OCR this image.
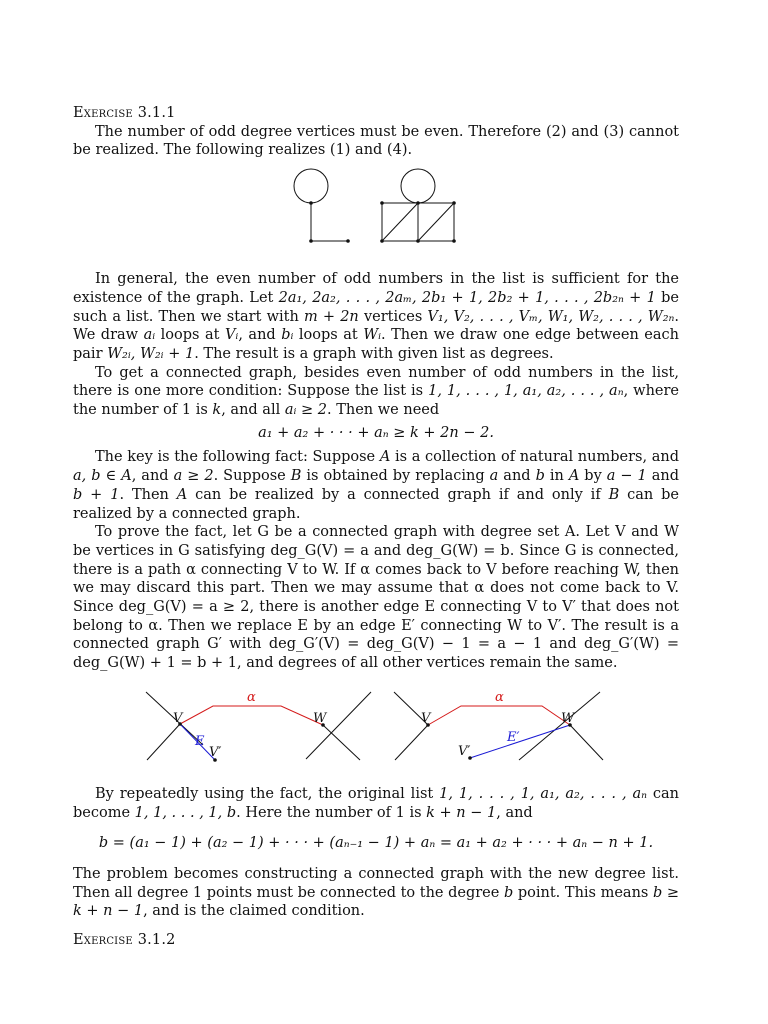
Exercise 3.1.1

The number of odd degree vertices must be even. Therefore (2) and (3) cannot be realized. The following realizes (1) and (4).

In general, the even number of odd numbers in the list is sufficient for the existence of the graph. Let 2a₁, 2a₂, . . . , 2aₘ, 2b₁ + 1, 2b₂ + 1, . . . , 2b₂ₙ + 1 be such a list. Then we start with m + 2n vertices V₁, V₂, . . . , Vₘ, W₁, W₂, . . . , W₂ₙ. We draw aᵢ loops at Vᵢ, and bᵢ loops at Wᵢ. Then we draw one edge between each pair W₂ᵢ, W₂ᵢ + 1. The result is a graph with given list as degrees.

To get a connected graph, besides even number of odd numbers in the list, there is one more condition: Suppose the list is 1, 1, . . . , 1, a₁, a₂, . . . , aₙ, where the number of 1 is k, and all aᵢ ≥ 2. Then we need

a₁ + a₂ + · · · + aₙ ≥ k + 2n − 2.

The key is the following fact: Suppose A is a collection of natural numbers, and a, b ∈ A, and a ≥ 2. Suppose B is obtained by replacing a and b in A by a − 1 and b + 1. Then A can be realized by a connected graph if and only if B can be realized by a connected graph.

To prove the fact, let G be a connected graph with degree set A. Let V and W be vertices in G satisfying deg_G(V) = a and deg_G(W) = b. Since G is connected, there is a path α connecting V to W. If α comes back to V before reaching W, then we may discard this part. Then we may assume that α does not come back to V. Since deg_G(V) = a ≥ 2, there is another edge E connecting V to V′ that does not belong to α. Then we replace E by an edge E′ connecting W to V′. The result is a connected graph G′ with deg_G′(V) = deg_G(V) − 1 = a − 1 and deg_G′(W) = deg_G(W) + 1 = b + 1, and degrees of all other vertices remain the same.

α
V	W
E
V′
α
V	W
E′
V′

By repeatedly using the fact, the original list 1, 1, . . . , 1, a₁, a₂, . . . , aₙ can become 1, 1, . . . , 1, b. Here the number of 1 is k + n − 1, and

b = (a₁ − 1) + (a₂ − 1) + · · · + (aₙ₋₁ − 1) + aₙ = a₁ + a₂ + · · · + aₙ − n + 1.

The problem becomes constructing a connected graph with the new degree list. Then all degree 1 points must be connected to the degree b point. This means b ≥ k + n − 1, and is the claimed condition.

Exercise 3.1.2
